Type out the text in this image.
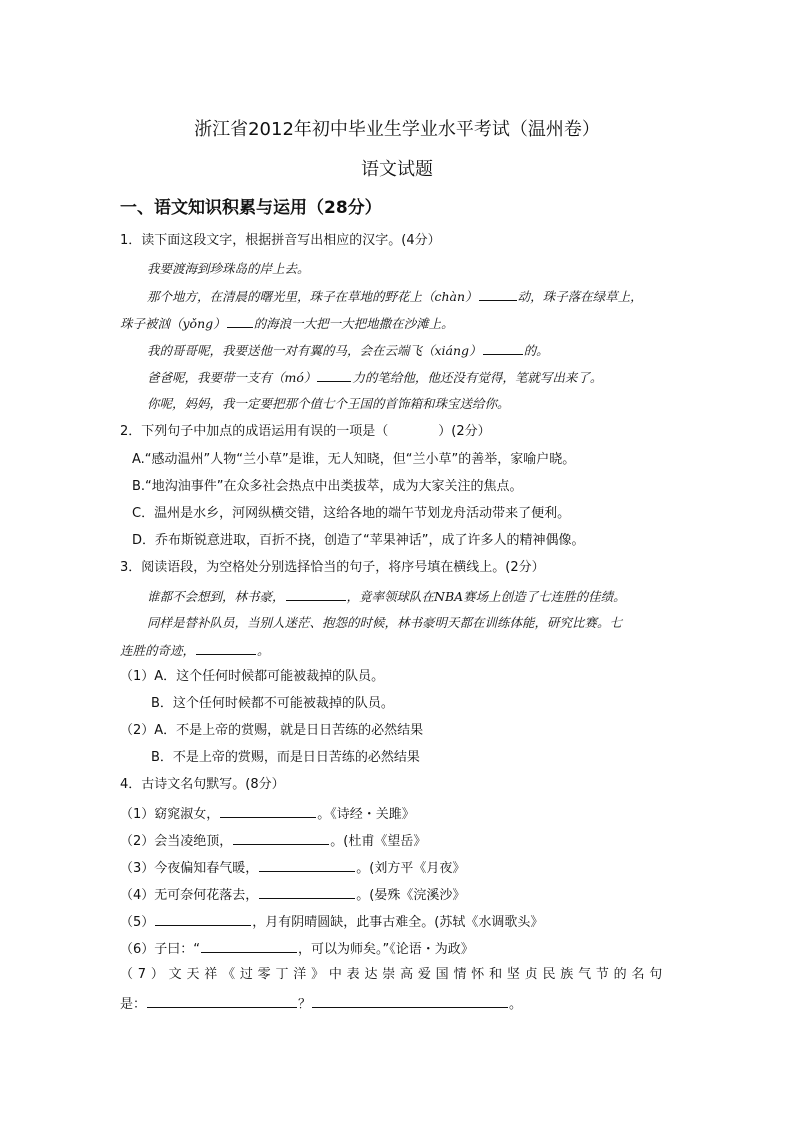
浙江省2012年初中毕业生学业水平考试（温州卷）
语文试题
一、语文知识积累与运用（28分）
1．读下面这段文字，根据拼音写出相应的汉字。(4分）
我要渡海到珍珠岛的岸上去。
那个地方，在清晨的曙光里，珠子在草地的野花上（chàn）	动，珠子落在绿草上，
珠子被汹（yǒng） 的海浪一大把一大把地撒在沙滩上。
我的哥哥呢，我要送他一对有翼的马，会在云端飞（xiáng）	的。
爸爸呢，我要带一支有（mó）	力的笔给他，他还没有觉得，笔就写出来了。
你呢，妈妈，我一定要把那个值七个王国的首饰箱和珠宝送给你。
2．下列句子中加点的成语运用有误的一项是（	）(2分）
A.“感动温州”人物“兰小草”是谁，无人知晓，但“兰小草”的善举，家喻户晓。
B.“地沟油事件”在众多社会热点中出类拔萃，成为大家关注的焦点。
C．温州是水乡，河网纵横交错，这给各地的端午节划龙舟活动带来了便利。
D．乔布斯锐意进取，百折不挠，创造了“苹果神话”，成了许多人的精神偶像。
3．阅读语段，为空格处分别选择恰当的句子，将序号填在横线上。(2分）
谁都不会想到，林书豪，	，竟率领球队在NBA赛场上创造了七连胜的佳绩。
同样是替补队员，当别人迷茫、抱怨的时候，林书豪明天都在训练体能，研究比赛。七
连胜的奇迹，	。
（1）A．这个任何时候都可能被裁掉的队员。
B．这个任何时候都不可能被裁掉的队员。
（2）A．不是上帝的赏赐，就是日日苦练的必然结果
B．不是上帝的赏赐，而是日日苦练的必然结果
4．古诗文名句默写。(8分）
（1）窈窕淑女，	。《诗经・关雎》
（2）会当凌绝顶，	。(杜甫《望岳》
（3）今夜偏知春气暖，	。(刘方平《月夜》
（4）无可奈何花落去，	。(晏殊《浣溪沙》
（5）	，月有阴晴圆缺，此事古难全。(苏轼《水调歌头》
（6）子曰：“	，可以为师矣。”《论语・为政》
（7）文天祥《过零丁洋》中表达崇高爱国情怀和坚贞民族气节的名句
是：	？	。
